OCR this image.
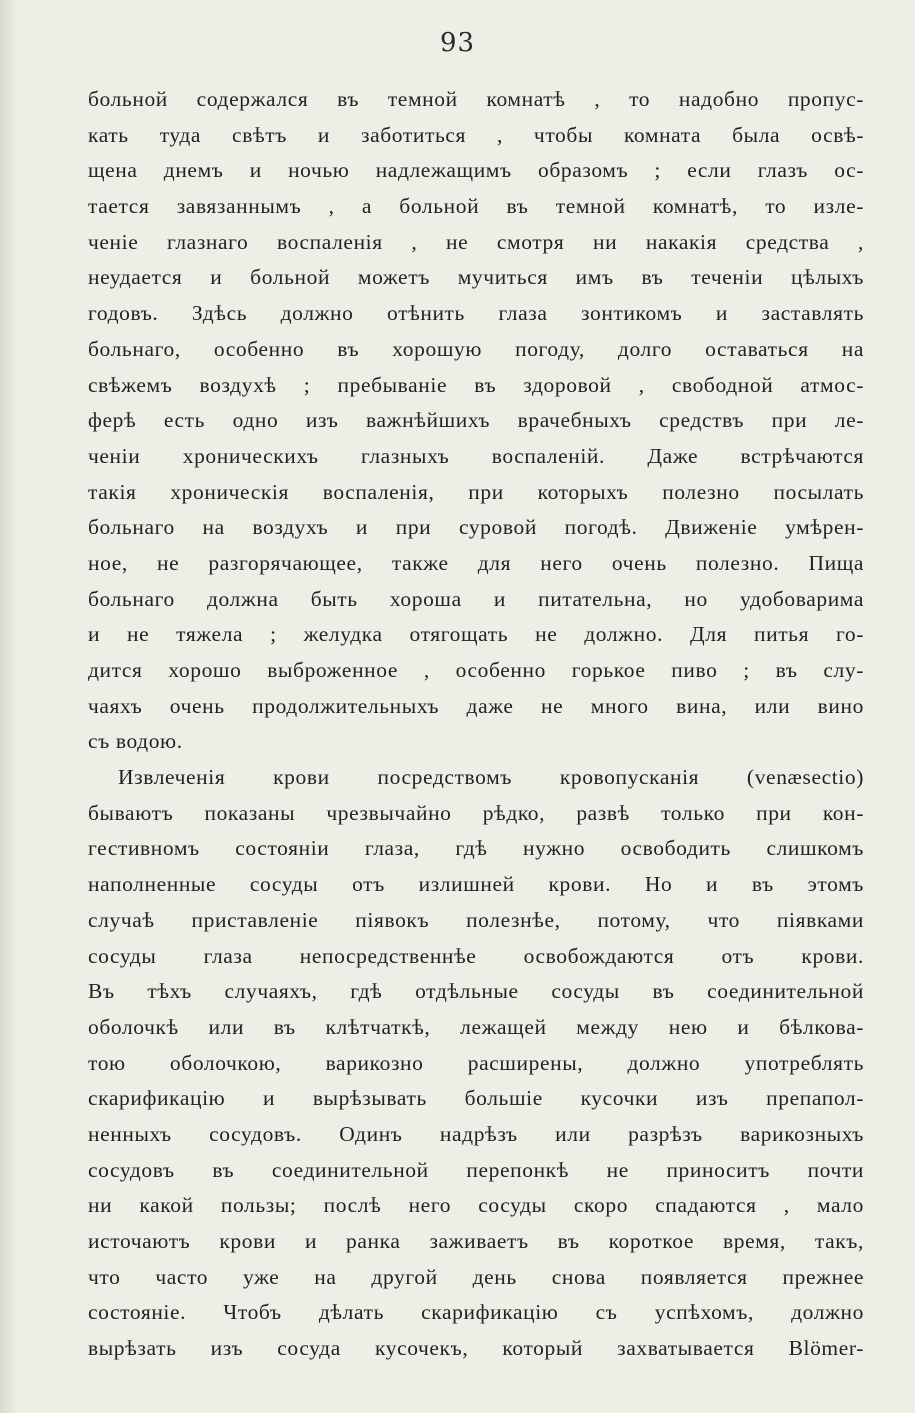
93
больной содержался въ темной комнатѣ , то надобно пропус-
кать туда свѣтъ и заботиться , чтобы комната была освѣ-
щена днемъ и ночью надлежащимъ образомъ ; если глазъ ос-
тается завязаннымъ , а больной въ темной комнатѣ, то изле-
ченіе глазнаго воспаленія , не смотря ни накакія средства ,
неудается и больной можетъ мучиться имъ въ теченіи цѣлыхъ
годовъ. Здѣсь должно отѣнить глаза зонтикомъ и заставлять
больнаго, особенно въ хорошую погоду, долго оставаться на
свѣжемъ воздухѣ ; пребываніе въ здоровой , свободной атмос-
ферѣ есть одно изъ важнѣйшихъ врачебныхъ средствъ при ле-
ченіи хроническихъ глазныхъ воспаленій. Даже встрѣчаются
такія хроническія воспаленія, при которыхъ полезно посылать
больнаго на воздухъ и при суровой погодѣ. Движеніе умѣрен-
ное, не разгорячающее, также для него очень полезно. Пища
больнаго должна быть хороша и питательна, но удобоварима
и не тяжела ; желудка отягощать не должно. Для питья го-
дится хорошо выброженное , особенно горькое пиво ; въ слу-
чаяхъ очень продолжительныхъ даже не много вина, или вино
съ водою.
Извлеченія крови посредствомъ кровопусканія (venæsectio)
бываютъ показаны чрезвычайно рѣдко, развѣ только при кон-
гестивномъ состояніи глаза, гдѣ нужно освободить слишкомъ
наполненные сосуды отъ излишней крови. Но и въ этомъ
случаѣ приставленіе піявокъ полезнѣе, потому, что піявками
сосуды глаза непосредственнѣе освобождаются отъ крови.
Въ тѣхъ случаяхъ, гдѣ отдѣльные сосуды въ соединительной
оболочкѣ или въ клѣтчаткѣ, лежащей между нею и бѣлкова-
тою оболочкою, варикозно расширены, должно употреблять
скарификацію и вырѣзывать большіе кусочки изъ препапол-
ненныхъ сосудовъ. Одинъ надрѣзъ или разрѣзъ варикозныхъ
сосудовъ въ соединительной перепонкѣ не приноситъ почти
ни какой пользы; послѣ него сосуды скоро спадаются , мало
источаютъ крови и ранка заживаетъ въ короткое время, такъ,
что часто уже на другой день снова появляется прежнее
состояніе. Чтобъ дѣлать скарификацію съ успѣхомъ, должно
вырѣзать изъ сосуда кусочекъ, который захватывается Blömer-
